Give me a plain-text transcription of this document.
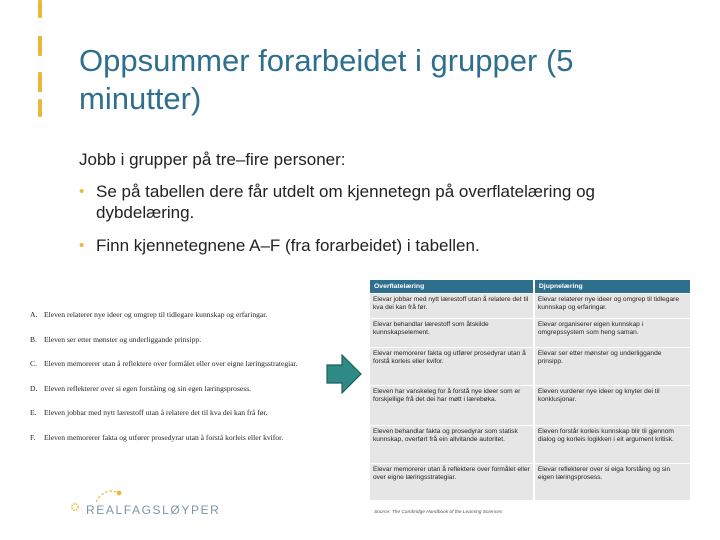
Oppsummer forarbeidet i grupper (5 minutter)
Jobb i grupper på tre–fire personer:
• Se på tabellen dere får utdelt om kjennetegn på overflatelæring og dybdelæring.
• Finn kjennetegnene A–F (fra forarbeidet) i tabellen.
A. Eleven relaterer nye ideer og omgrep til tidlegare kunnskap og erfaringar.
B. Eleven ser etter mønster og underliggande prinsipp.
C. Eleven memorerer utan å reflektere over formålet eller over eigne læringsstrategiar.
D. Eleven reflekterer over si egen forståing og sin egen læringsprosess.
E. Eleven jobbar med nytt lærestoff utan å relatere det til kva dei kan frå før.
F.	Eleven memorerer fakta og utfører prosedyrar utan å forstå korleis eller kvifor.
Overflatelæring	Djupnelæring
Elevar jobbar med nytt lærestoff utan å relatere det til kva dei kan frå før.	Elevar relaterer nye ideer og omgrep til tidlegare kunnskap og erfaringar.
Elevar behandlar lærestoff som åtskilde kunnskapselement.	Elevar organiserer eigen kunnskap i omgrepssystem som heng saman.
Elevar memorerer fakta og utfører prosedyrar utan å forstå korleis eller kvifor.	Elevar ser etter mønster og underliggande prinsipp.
Eleven har vanskeleg for å forstå nye ideer som er forskjellige frå det dei har møtt i lærebøka.	Eleven vurderer nye ideer og knyter dei til konklusjonar.
Eleven behandlar fakta og prosedyrar som statisk kunnskap, overført frå ein allvitande autoritet.	Eleven forstår korleis kunnskap blir til gjennom dialog og korleis logikken i eit argument kritisk.
Elevar memorerer utan å reflektere over formålet eller over eigne læringsstrategiar.	Elevar reflekterer over si eiga forståing og sin eigen læringsprosess.
Source: The Cambridge Handbook of the Learning Sciences
REALFAGSLØYPER
